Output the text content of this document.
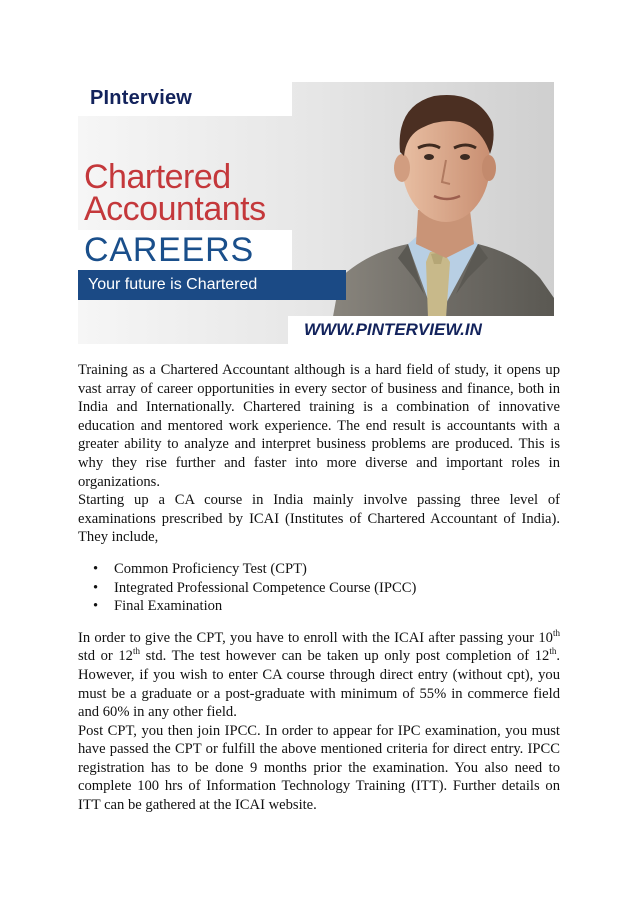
PInterview
Chartered
Accountants
CAREERS
Your future is Chartered
WWW.PINTERVIEW.IN

Training as a Chartered Accountant although is a hard field of study, it opens up vast array of career opportunities in every sector of business and finance, both in India and Internationally. Chartered training is a combination of innovative education and mentored work experience. The end result is accountants with a greater ability to analyze and interpret business problems are produced. This is why they rise further and faster into more diverse and important roles in organizations.

Starting up a CA course in India mainly involve passing three level of examinations prescribed by ICAI (Institutes of Chartered Accountant of India). They include,

• Common Proficiency Test (CPT)
• Integrated Professional Competence Course (IPCC)
• Final Examination

In order to give the CPT, you have to enroll with the ICAI after passing your 10th std or 12th std. The test however can be taken up only post completion of 12th. However, if you wish to enter CA course through direct entry (without cpt), you must be a graduate or a post-graduate with minimum of 55% in commerce field and 60% in any other field.

Post CPT, you then join IPCC. In order to appear for IPC examination, you must have passed the CPT or fulfill the above mentioned criteria for direct entry. IPCC registration has to be done 9 months prior the examination. You also need to complete 100 hrs of Information Technology Training (ITT). Further details on ITT can be gathered at the ICAI website.
